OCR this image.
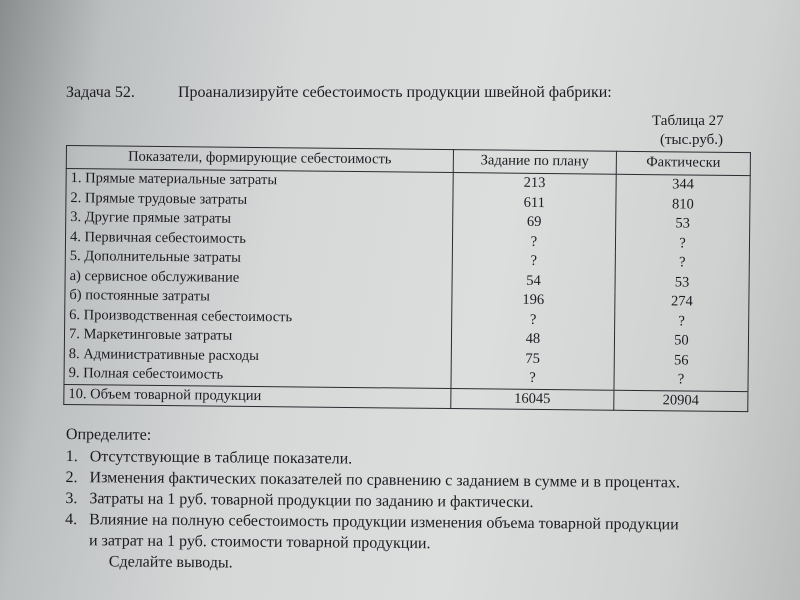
Задача 52.	Проанализируйте себестоимость продукции швейной фабрики:
Таблица 27
(тыс.руб.)
Показатели, формирующие себестоимость	Задание по плану	Фактически
1. Прямые материальные затраты	213	344
2. Прямые трудовые затраты	611	810
3. Другие прямые затраты	69	53
4. Первичная себестоимость	?	?
5. Дополнительные затраты	?	?
а) сервисное обслуживание	54	53
б) постоянные затраты	196	274
6. Производственная себестоимость	?	?
7. Маркетинговые затраты	48	50
8. Административные расходы	75	56
9. Полная себестоимость	?	?
10. Объем товарной продукции	16045	20904
Определите:
1. Отсутствующие в таблице показатели.
2. Изменения фактических показателей по сравнению с заданием в сумме и в процентах.
3. Затраты на 1 руб. товарной продукции по заданию и фактически.
4. Влияние на полную себестоимость продукции изменения объема товарной продукции
и затрат на 1 руб. стоимости товарной продукции.
Сделайте выводы.
